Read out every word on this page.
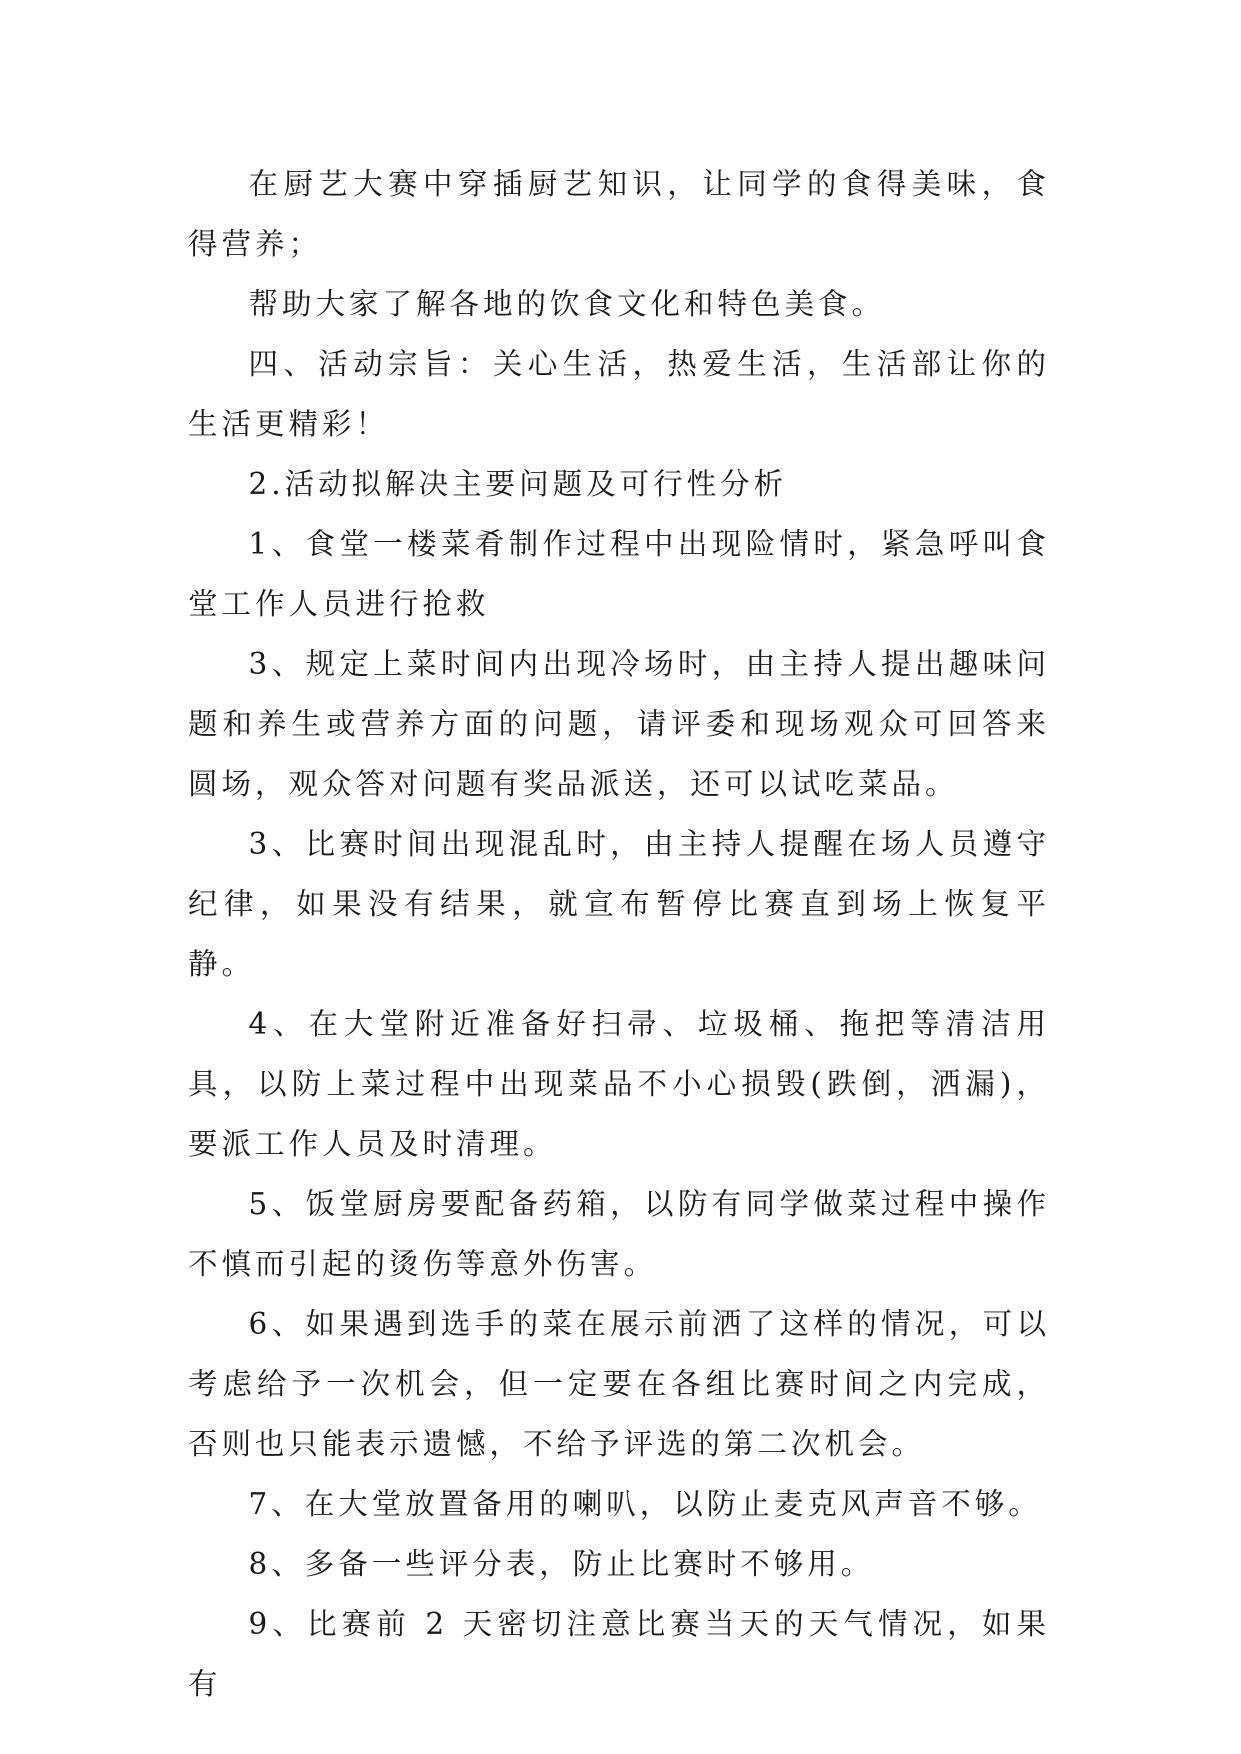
在厨艺大赛中穿插厨艺知识，让同学的食得美味，食得营养；

帮助大家了解各地的饮食文化和特色美食。

四、活动宗旨：关心生活，热爱生活，生活部让你的生活更精彩！

2.活动拟解决主要问题及可行性分析

1、食堂一楼菜肴制作过程中出现险情时，紧急呼叫食堂工作人员进行抢救

3、规定上菜时间内出现冷场时，由主持人提出趣味问题和养生或营养方面的问题，请评委和现场观众可回答来圆场，观众答对问题有奖品派送，还可以试吃菜品。

3、比赛时间出现混乱时，由主持人提醒在场人员遵守纪律，如果没有结果，就宣布暂停比赛直到场上恢复平静。

4、在大堂附近准备好扫帚、垃圾桶、拖把等清洁用具，以防上菜过程中出现菜品不小心损毁(跌倒，洒漏)，要派工作人员及时清理。

5、饭堂厨房要配备药箱，以防有同学做菜过程中操作不慎而引起的烫伤等意外伤害。

6、如果遇到选手的菜在展示前洒了这样的情况，可以考虑给予一次机会，但一定要在各组比赛时间之内完成，否则也只能表示遗憾，不给予评选的第二次机会。

7、在大堂放置备用的喇叭，以防止麦克风声音不够。

8、多备一些评分表，防止比赛时不够用。

9、比赛前 2 天密切注意比赛当天的天气情况，如果有
